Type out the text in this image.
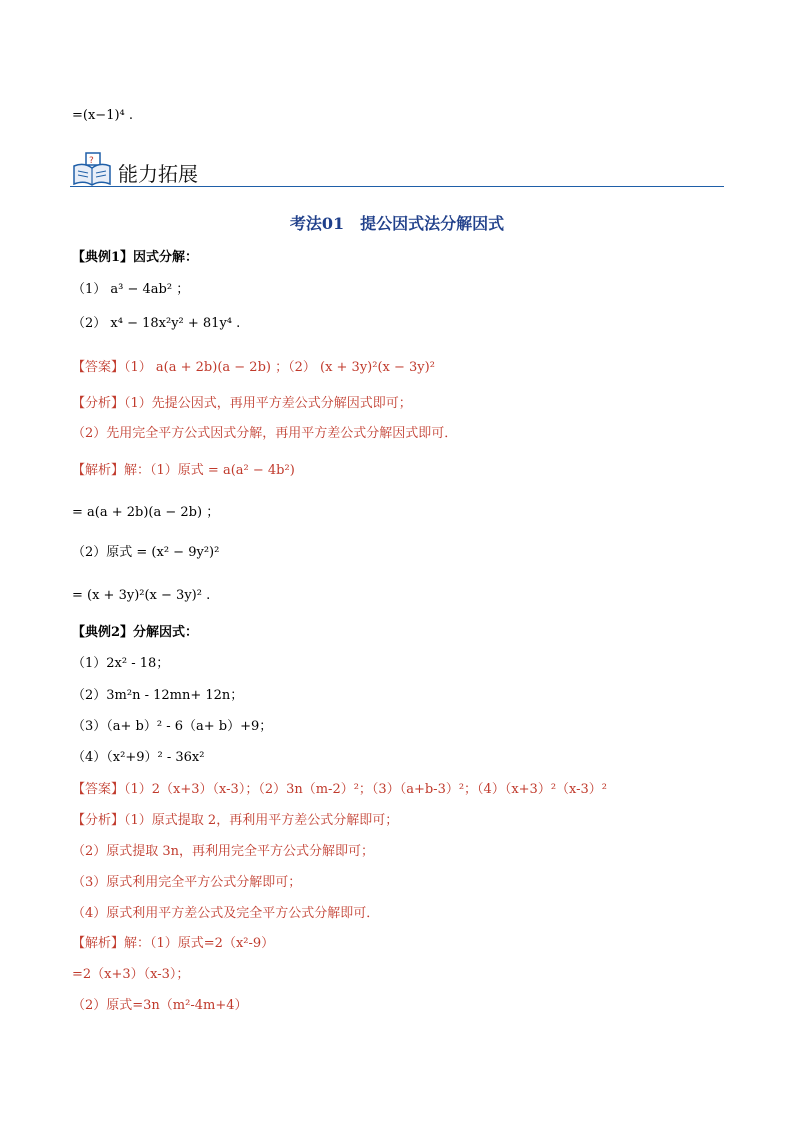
=(x−1)⁴ .
?
能力拓展
考法01　提公因式法分解因式
【典例1】因式分解：
（1） a³ − 4ab² ；
（2） x⁴ − 18x²y² + 81y⁴ .
【答案】（1） a(a + 2b)(a − 2b) ；（2） (x + 3y)²(x − 3y)²
【分析】（1）先提公因式，再用平方差公式分解因式即可；
（2）先用完全平方公式因式分解，再用平方差公式分解因式即可．
【解析】解：（1）原式 = a(a² − 4b²)
= a(a + 2b)(a − 2b) ；
（2）原式 = (x² − 9y²)²
= (x + 3y)²(x − 3y)² .
【典例2】分解因式：
（1）2x² - 18；
（2）3m²n - 12mn+ 12n；
（3）（a+ b）² - 6（a+ b）+9；
（4）（x²+9）² - 36x²
【答案】（1）2（x+3）（x-3）；（2）3n（m-2）²；（3）（a+b-3）²；（4）（x+3）²（x-3）²
【分析】（1）原式提取 2，再利用平方差公式分解即可；
（2）原式提取 3n，再利用完全平方公式分解即可；
（3）原式利用完全平方公式分解即可；
（4）原式利用平方差公式及完全平方公式分解即可．
【解析】解：（1）原式=2（x²-9）
=2（x+3）（x-3）；
（2）原式=3n（m²-4m+4）
